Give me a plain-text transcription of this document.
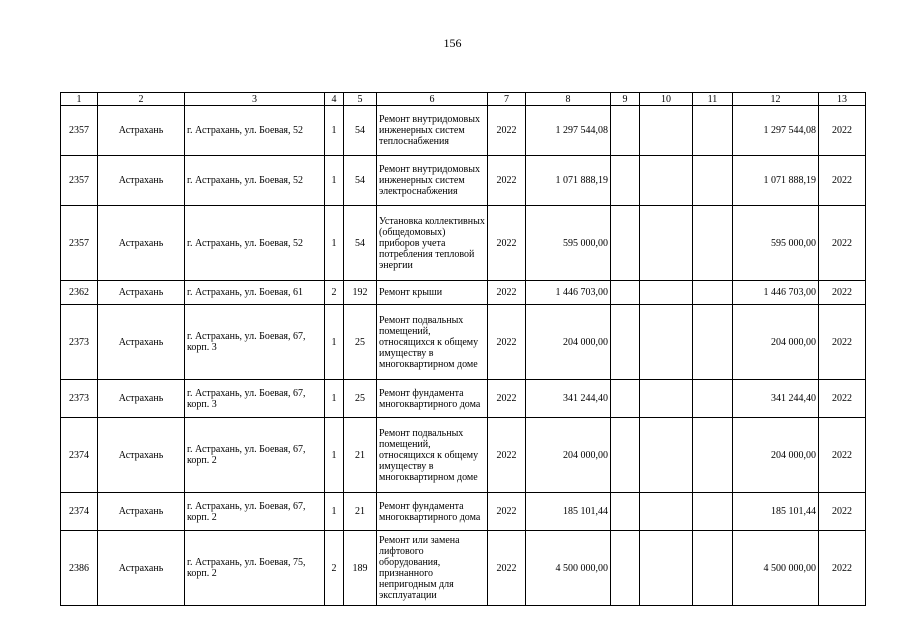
156
1	2	3	4	5	6	7	8	9	10	11	12	13
2357	Астрахань	г. Астрахань, ул. Боевая, 52	1	54	Ремонт внутридомовых инженерных систем теплоснабжения	2022	1 297 544,08				1 297 544,08	2022
2357	Астрахань	г. Астрахань, ул. Боевая, 52	1	54	Ремонт внутридомовых инженерных систем электроснабжения	2022	1 071 888,19				1 071 888,19	2022
2357	Астрахань	г. Астрахань, ул. Боевая, 52	1	54	Установка коллективных (общедомовых) приборов учета потребления тепловой энергии	2022	595 000,00				595 000,00	2022
2362	Астрахань	г. Астрахань, ул. Боевая, 61	2	192	Ремонт крыши	2022	1 446 703,00				1 446 703,00	2022
2373	Астрахань	г. Астрахань, ул. Боевая, 67, корп. 3	1	25	Ремонт подвальных помещений, относящихся к общему имуществу в многоквартирном доме	2022	204 000,00				204 000,00	2022
2373	Астрахань	г. Астрахань, ул. Боевая, 67, корп. 3	1	25	Ремонт фундамента многоквартирного дома	2022	341 244,40				341 244,40	2022
2374	Астрахань	г. Астрахань, ул. Боевая, 67, корп. 2	1	21	Ремонт подвальных помещений, относящихся к общему имуществу в многоквартирном доме	2022	204 000,00				204 000,00	2022
2374	Астрахань	г. Астрахань, ул. Боевая, 67, корп. 2	1	21	Ремонт фундамента многоквартирного дома	2022	185 101,44				185 101,44	2022
2386	Астрахань	г. Астрахань, ул. Боевая, 75, корп. 2	2	189	Ремонт или замена лифтового оборудования, признанного непригодным для эксплуатации	2022	4 500 000,00				4 500 000,00	2022
